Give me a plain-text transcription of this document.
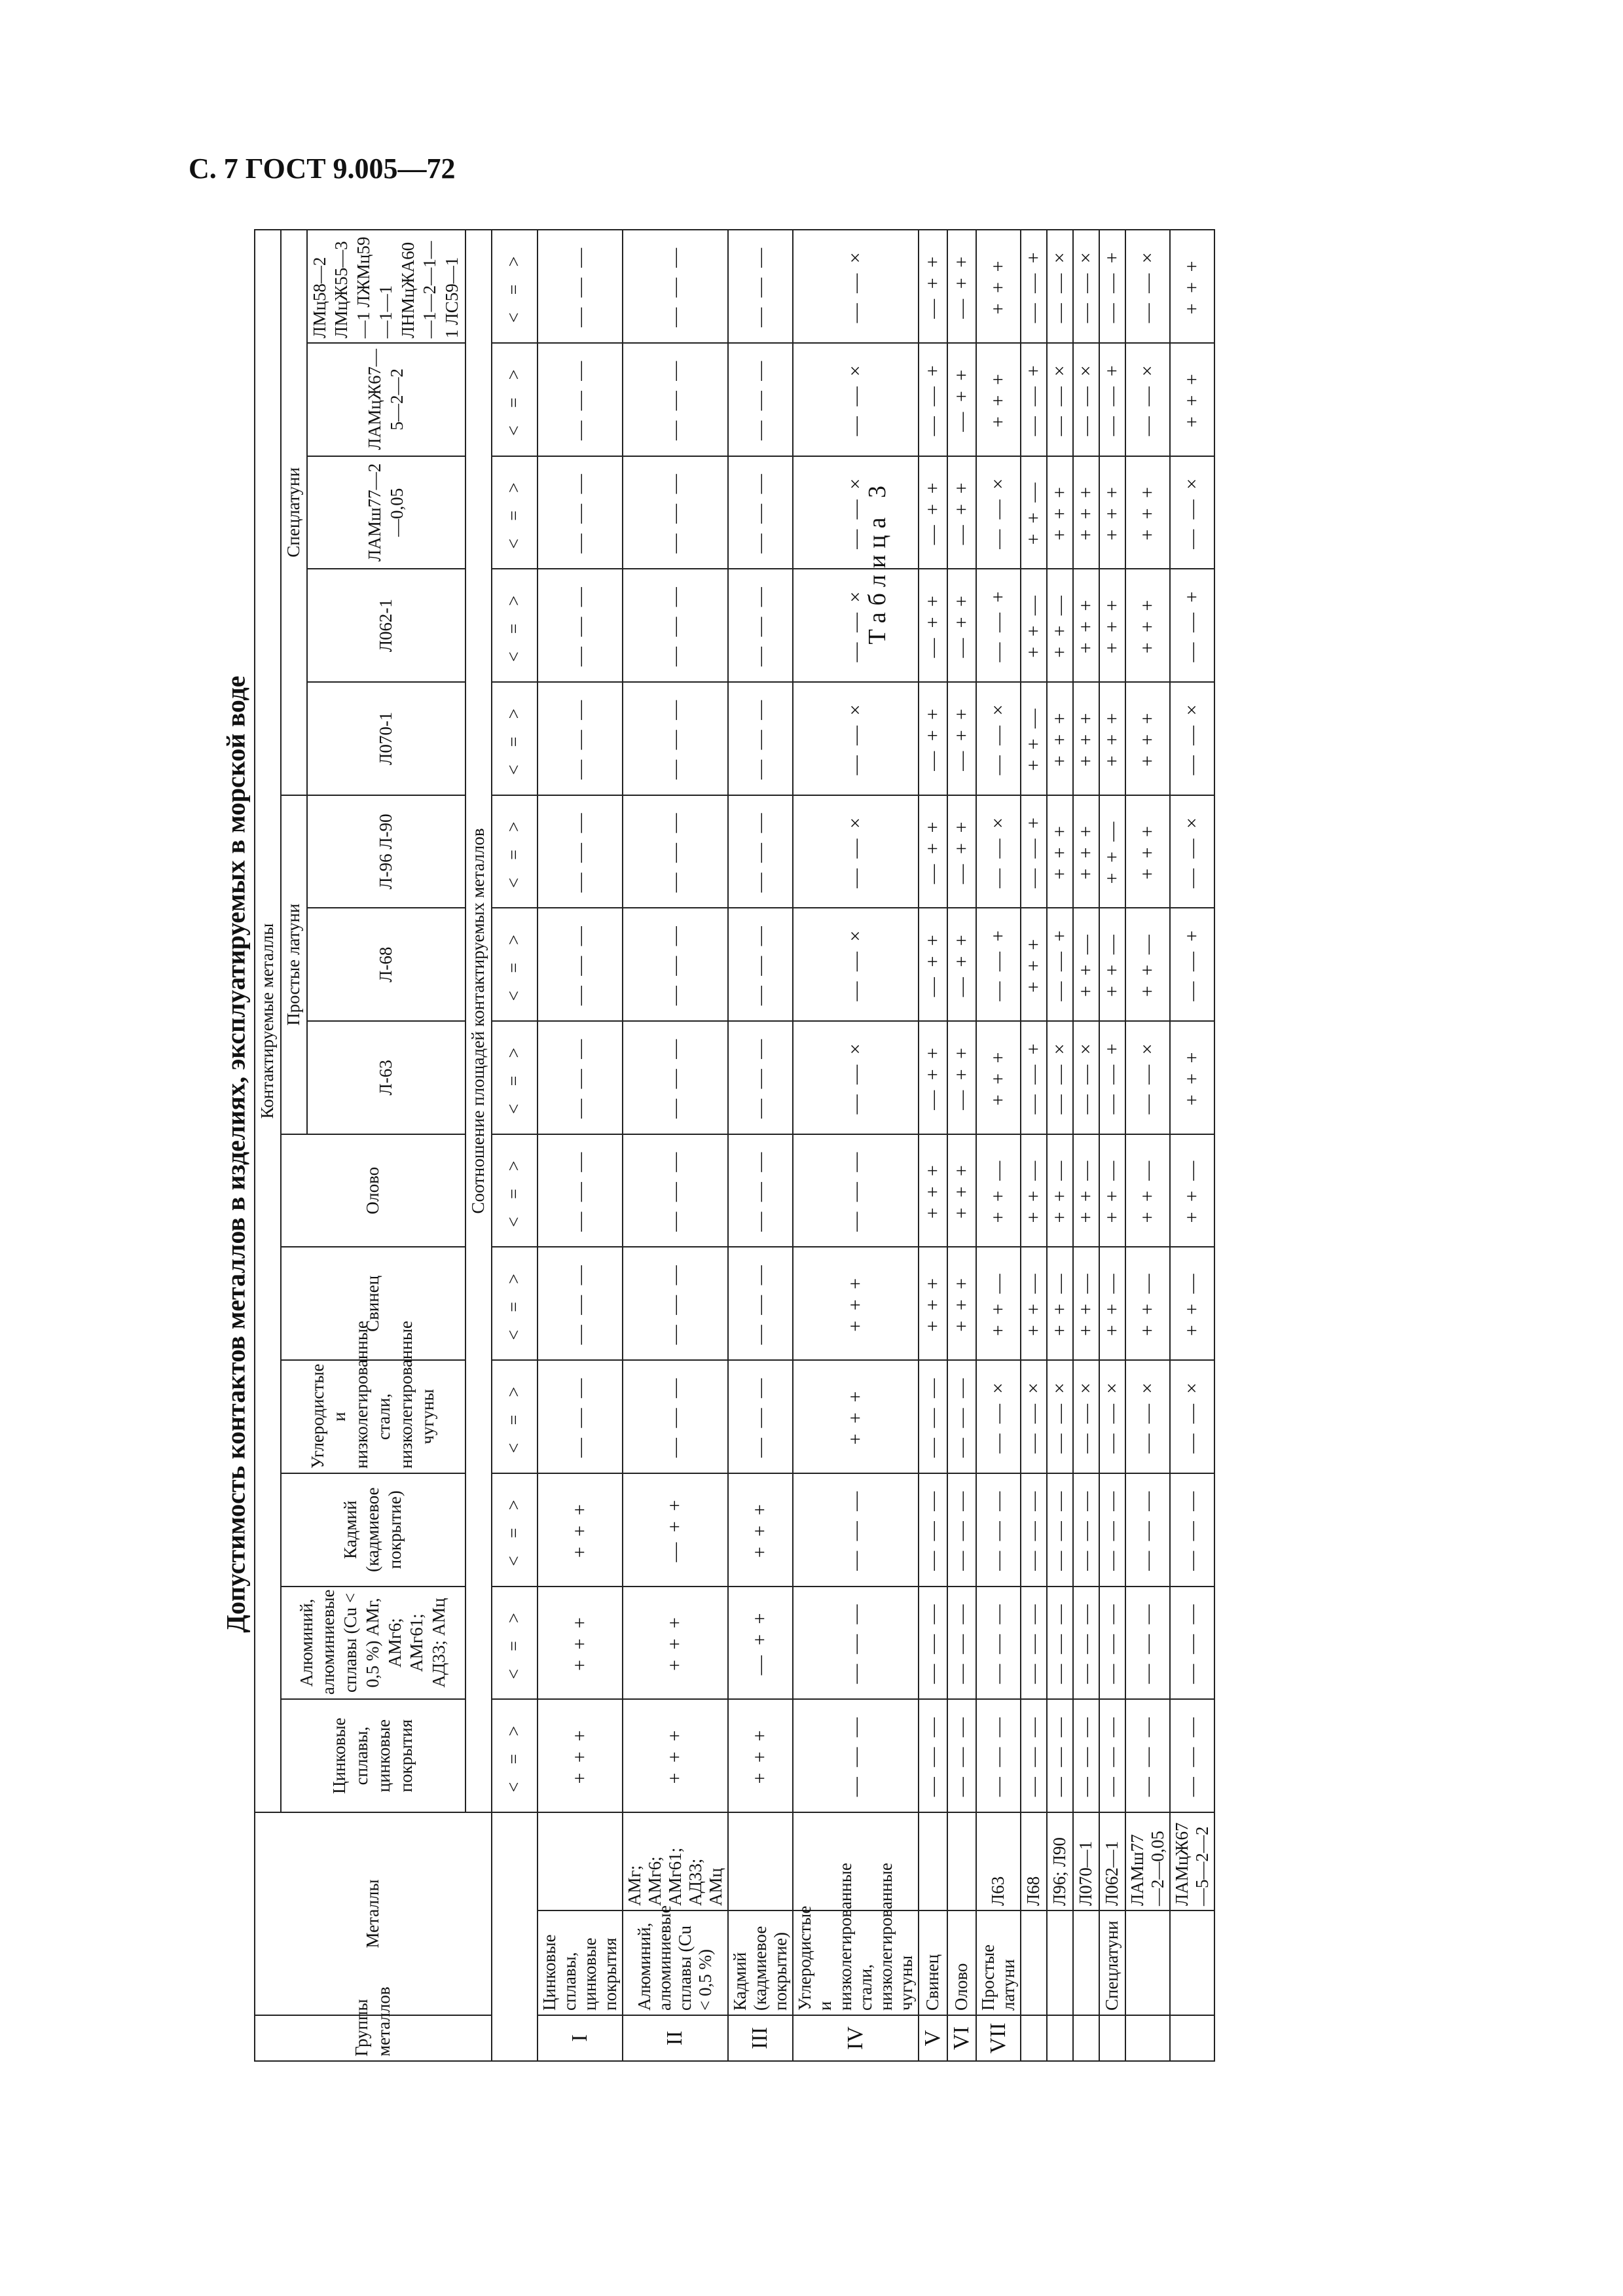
С. 7 ГОСТ 9.005—72
Таблица 3
Допустимость контактов металлов в изделиях, эксплуатируемых в морской воде
Группы металлов	Металлы		Контактируемые металлы													
			Цинковые сплавы, цинковые покрытия	Алюминий, алюминиевые сплавы (Cu < 0,5 %) АМг, АМг6; АМг61; АД33; АМц	Кадмий (кадмиевое покрытие)	Углеродистые и низколегированные стали, низколегированные чугуны	Свинец	Олово	Простые латуни			Спецлатуни				
									Л-63	Л-68	Л-96 Л-90	Л070-1	Л062-1	ЛАМш77—2—0,05	ЛАМцЖ67—5—2—2	ЛМц58—2 ЛМцЖ55—3—1 ЛЖМц59—1—1 ЛНМцЖА60—1—2—1—1 ЛС59—1
			Соотношение площадей контактируемых металлов													
			< = >	< = >	< = >	< = >	< = >	< = >	< = >	< = >	< = >	< = >	< = >	< = >	< = >	< = >
I	Цинковые сплавы, цинковые покрытия		+ + +	+ + +	+ + +	— — —	— — —	— — —	— — —	— — —	— — —	— — —	— — —	— — —	— — —	— — —
II	Алюминий, алюминиевые сплавы (Cu < 0,5 %)	АМг; АМг6; АМг61; АД33; АМц	+ + +	+ + +	— + +	— — —	— — —	— — —	— — —	— — —	— — —	— — —	— — —	— — —	— — —	— — —
III	Кадмий (кадмиевое покрытие)		+ + +	— + +	+ + +	— — —	— — —	— — —	— — —	— — —	— — —	— — —	— — —	— — —	— — —	— — —
IV	Углеродистые и низколегированные стали, низколегированные чугуны		— — —	— — —	— — —	+ + +	+ + +	— — —	— — ×	— — ×	— — ×	— — ×	— — ×	— — ×	— — ×	— — ×
V	Свинец		— — —	— — —	— — —	— — —	+ + +	+ + +	— + +	— + +	— + +	— + +	— + +	— + +	— — +	— + +
VI	Олово		— — —	— — —	— — —	— — —	+ + +	+ + +	— + +	— + +	— + +	— + +	— + +	— + +	— + +	— + +
VII	Простые латуни	Л63	— — —	— — —	— — —	— — ×	+ + —	+ + —	+ + +	— — +	— — ×	— — ×	— — +	— — ×	+ + +	+ + +
		Л68	— — —	— — —	— — —	— — ×	+ + —	+ + —	— — +	+ + +	— — +	+ + —	+ + —	+ + —	— — +	— — +
		Л96; Л90	— — —	— — —	— — —	— — ×	+ + —	+ + —	— — ×	— — +	+ + +	+ + +	+ + —	+ + +	— — ×	— — ×
		Л070—1	— — —	— — —	— — —	— — ×	+ + —	+ + —	— — ×	+ + —	+ + +	+ + +	+ + +	+ + +	— — ×	— — ×
	Спецлатуни	Л062—1	— — —	— — —	— — —	— — ×	+ + —	+ + —	— — +	+ + —	+ + —	+ + +	+ + +	+ + +	— — +	— — +
		ЛАМш77—2—0,05	— — —	— — —	— — —	— — ×	+ + —	+ + —	— — ×	+ + —	+ + +	+ + +	+ + +	+ + +	— — ×	— — ×
		ЛАМцЖ67—5—2—2	— — —	— — —	— — —	— — ×	+ + —	+ + —	+ + +	— — +	— — ×	— — ×	— — +	— — ×	+ + +	+ + +
